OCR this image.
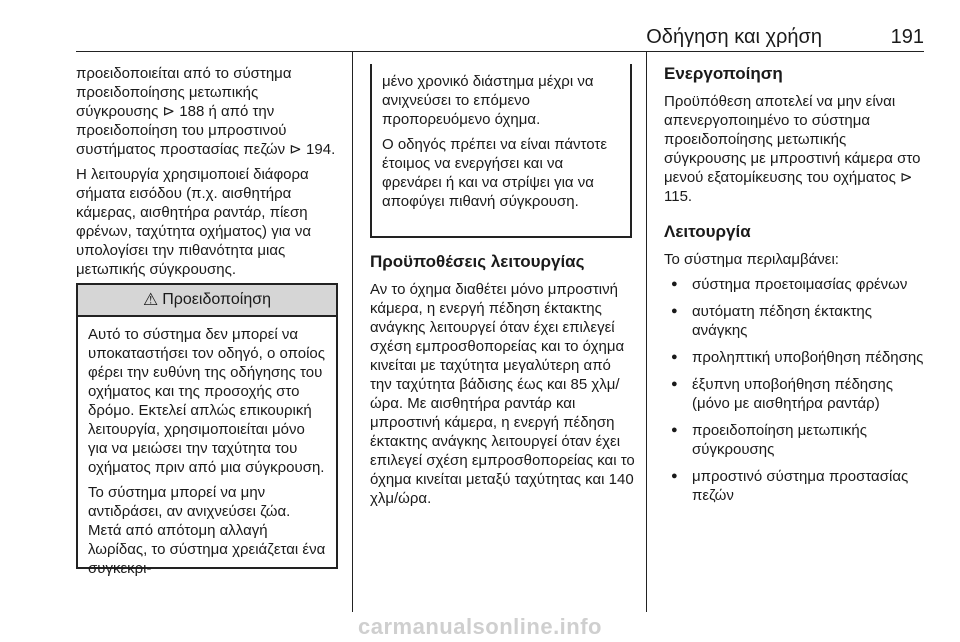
Οδήγηση και χρήση	191

προειδοποιείται από το σύστημα προειδοποίησης μετωπικής σύγκρουσης ⊳ 188 ή από την προειδοποίηση του μπροστινού συστήματος προστασίας πεζών ⊳ 194.

Η λειτουργία χρησιμοποιεί διάφορα σήματα εισόδου (π.χ. αισθητήρα κάμερας, αισθητήρα ραντάρ, πίεση φρένων, ταχύτητα οχήματος) για να υπολογίσει την πιθανότητα μιας μετωπικής σύγκρουσης.

⚠ Προειδοποίηση

Αυτό το σύστημα δεν μπορεί να υποκαταστήσει τον οδηγό, ο οποίος φέρει την ευθύνη της οδήγησης του οχήματος και της προσοχής στο δρόμο. Εκτελεί απλώς επικουρική λειτουργία, χρησιμοποιείται μόνο για να μειώσει την ταχύτητα του οχήματος πριν από μια σύγκρουση.

Το σύστημα μπορεί να μην αντιδράσει, αν ανιχνεύσει ζώα. Μετά από απότομη αλλαγή λωρίδας, το σύστημα χρειάζεται ένα συγκεκρι-

μένο χρονικό διάστημα μέχρι να ανιχνεύσει το επόμενο προπορευόμενο όχημα.

Ο οδηγός πρέπει να είναι πάντοτε έτοιμος να ενεργήσει και να φρενάρει ή και να στρίψει για να αποφύγει πιθανή σύγκρουση.

Προϋποθέσεις λειτουργίας

Αν το όχημα διαθέτει μόνο μπροστινή κάμερα, η ενεργή πέδηση έκτακτης ανάγκης λειτουργεί όταν έχει επιλεγεί σχέση εμπροσθοπορείας και το όχημα κινείται με ταχύτητα μεγαλύτερη από την ταχύτητα βάδισης έως και 85 χλμ/ώρα. Με αισθητήρα ραντάρ και μπροστινή κάμερα, η ενεργή πέδηση έκτακτης ανάγκης λειτουργεί όταν έχει επιλεγεί σχέση εμπροσθοπορείας και το όχημα κινείται μεταξύ ταχύτητας και 140 χλμ/ώρα.

Ενεργοποίηση

Προϋπόθεση αποτελεί να μην είναι απενεργοποιημένο το σύστημα προειδοποίησης μετωπικής σύγκρουσης με μπροστινή κάμερα στο μενού εξατομίκευσης του οχήματος ⊳ 115.

Λειτουργία

Το σύστημα περιλαμβάνει:

● σύστημα προετοιμασίας φρένων
● αυτόματη πέδηση έκτακτης ανάγκης
● προληπτική υποβοήθηση πέδησης
● έξυπνη υποβοήθηση πέδησης (μόνο με αισθητήρα ραντάρ)
● προειδοποίηση μετωπικής σύγκρουσης
● μπροστινό σύστημα προστασίας πεζών
carmanualsonline.info
